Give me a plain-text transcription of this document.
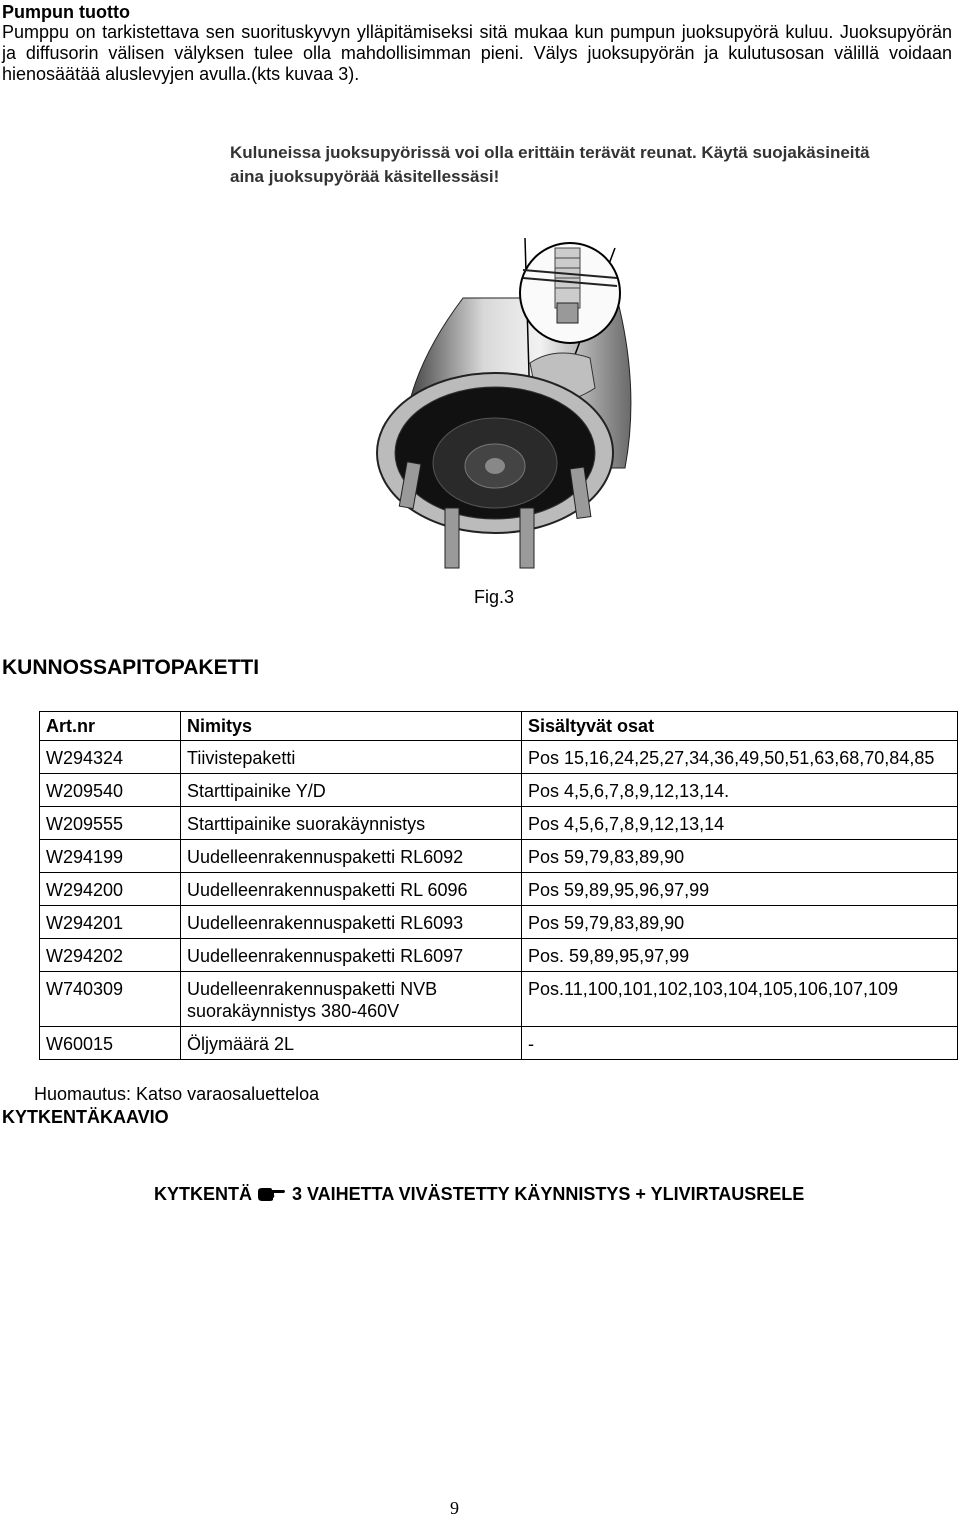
Pumpun tuotto
Pumppu on tarkistettava sen suorituskyvyn ylläpitämiseksi sitä mukaa kun pumpun juoksupyörä kuluu. Juoksupyörän ja diffusorin välisen välyksen tulee olla mahdollisimman pieni. Välys juoksupyörän ja kulutusosan välillä voidaan hienosäätää aluslevyjen avulla.(kts kuvaa 3).
Kuluneissa juoksupyörissä voi olla erittäin terävät reunat. Käytä suojakäsineitä aina juoksupyörää käsitellessäsi!
Fig.3
KUNNOSSAPITOPAKETTI
Art.nr	Nimitys	Sisältyvät osat
W294324	Tiivistepaketti	Pos 15,16,24,25,27,34,36,49,50,51,63,68,70,84,85
W209540	Starttipainike Y/D	Pos 4,5,6,7,8,9,12,13,14.
W209555	Starttipainike suorakäynnistys	Pos 4,5,6,7,8,9,12,13,14
W294199	Uudelleenrakennuspaketti RL6092	Pos 59,79,83,89,90
W294200	Uudelleenrakennuspaketti RL 6096	Pos 59,89,95,96,97,99
W294201	Uudelleenrakennuspaketti RL6093	Pos 59,79,83,89,90
W294202	Uudelleenrakennuspaketti RL6097	Pos. 59,89,95,97,99
W740309	Uudelleenrakennuspaketti NVB suorakäynnistys 380-460V	Pos.11,100,101,102,103,104,105,106,107,109
W60015	Öljymäärä 2L	-
Huomautus: Katso varaosaluetteloa
KYTKENTÄKAAVIO
KYTKENTÄ 3 VAIHETTA VIVÄSTETTY KÄYNNISTYS + YLIVIRTAUSRELE
9
